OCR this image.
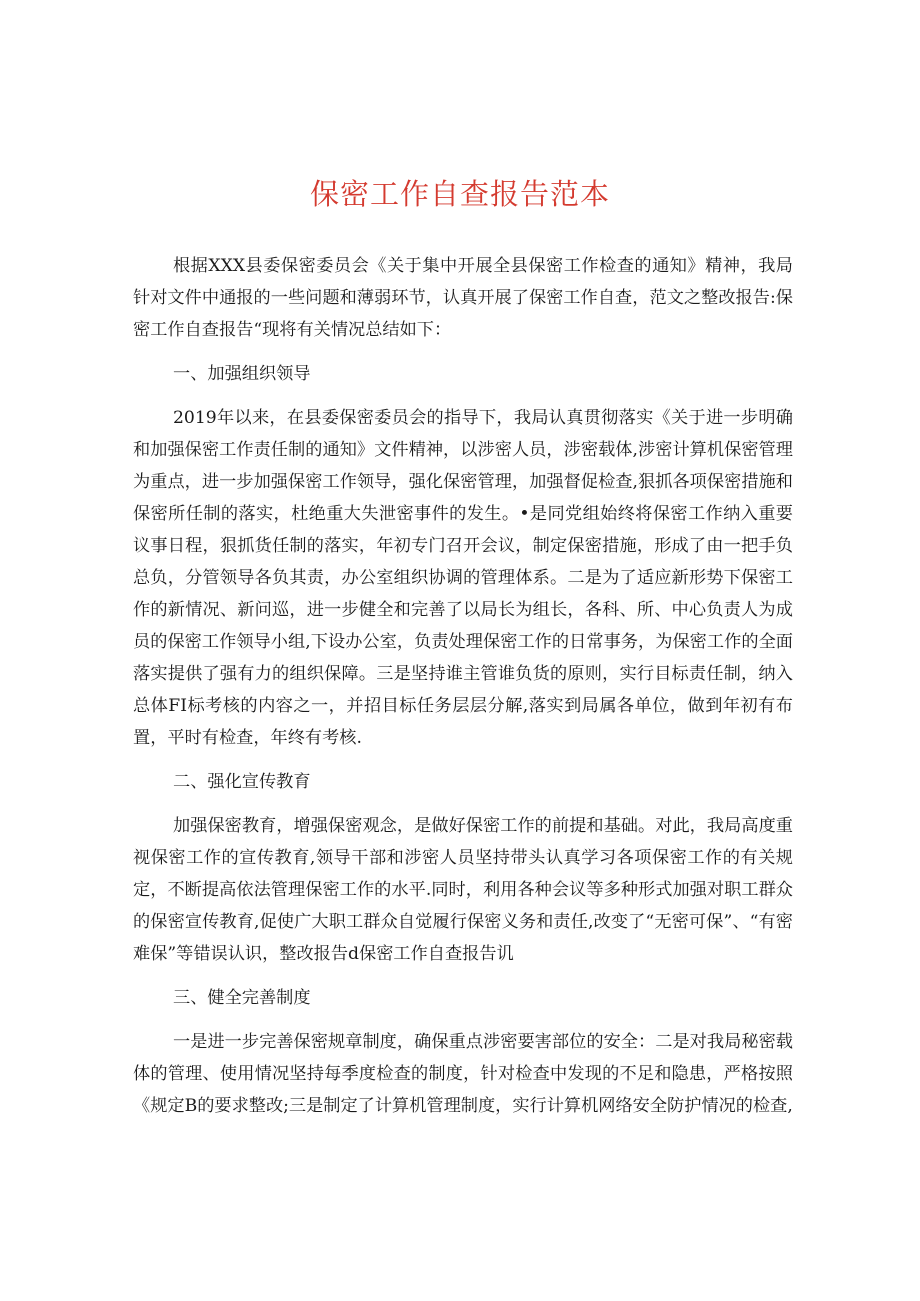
保密工作自查报告范本

根据XXX县委保密委员会《关于集中开展全县保密工作检查的通知》精神，我局针对文件中通报的一些问题和薄弱环节，认真开展了保密工作自查，范文之整改报告:保密工作自查报告“现将有关情况总结如下：

一、加强组织领导

2019年以来，在县委保密委员会的指导下，我局认真贯彻落实《关于进一步明确和加强保密工作责任制的通知》文件精神，以涉密人员，涉密载体,涉密计算机保密管理为重点，进一步加强保密工作领导，强化保密管理，加强督促检查,狠抓各项保密措施和保密所任制的落实，杜绝重大失泄密事件的发生。•是同党组始终将保密工作纳入重要议事日程，狠抓货任制的落实，年初专门召开会议，制定保密措施，形成了由一把手负总负，分管领导各负其责，办公室组织协调的管理体系。二是为了适应新形势下保密工作的新情况、新问巡，进一步健全和完善了以局长为组长，各科、所、中心负责人为成员的保密工作领导小组,下设办公室，负责处理保密工作的日常事务，为保密工作的全面落实提供了强有力的组织保障。三是坚持谁主管谁负货的原则，实行目标责任制，纳入总体FI标考核的内容之一，并招目标任务层层分解,落实到局属各单位，做到年初有布置，平时有检查，年终有考核.

二、强化宣传教育

加强保密教育，增强保密观念，是做好保密工作的前提和基础。对此，我局高度重视保密工作的宣传教育,领导干部和涉密人员坚持带头认真学习各项保密工作的有关规定，不断提高依法管理保密工作的水平.同时，利用各种会议等多种形式加强对职工群众的保密宣传教育,促使广大职工群众自觉履行保密义务和责任,改变了“无密可保”、“有密难保”等错误认识，整改报告d保密工作自查报告讥

三、健全完善制度

一是进一步完善保密规章制度，确保重点涉密要害部位的安全：二是对我局秘密载体的管理、使用情况坚持每季度检查的制度，针对检查中发现的不足和隐患，严格按照《规定B的要求整改;三是制定了计算机管理制度，实行计算机网络安全防护情况的检查,
